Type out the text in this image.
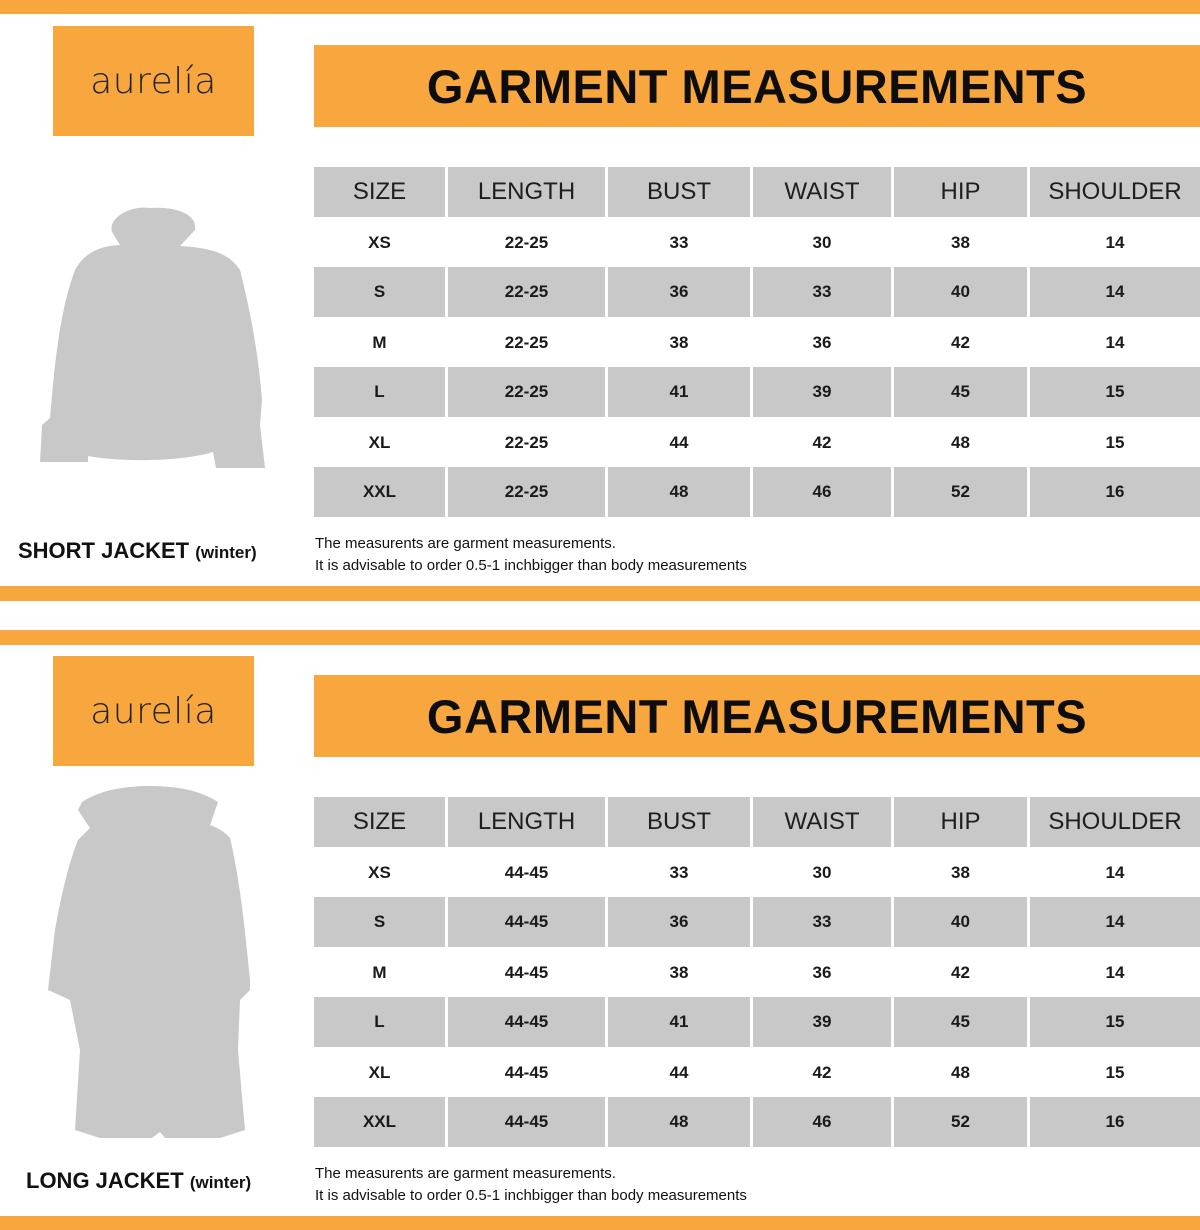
aurelía	GARMENT MEASUREMENTS
SHORT JACKET (winter)	The measurents are garment measurements.
It is advisable to order 0.5-1 inchbigger than body measurements
SIZE	LENGTH	BUST	WAIST	HIP	SHOULDER
XS	22-25	33	30	38	14
S	22-25	36	33	40	14
M	22-25	38	36	42	14
L	22-25	41	39	45	15
XL	22-25	44	42	48	15
XXL	22-25	48	46	52	16
aurelía	GARMENT MEASUREMENTS
LONG JACKET (winter)	The measurents are garment measurements.
It is advisable to order 0.5-1 inchbigger than body measurements
SIZE	LENGTH	BUST	WAIST	HIP	SHOULDER
XS	44-45	33	30	38	14
S	44-45	36	33	40	14
M	44-45	38	36	42	14
L	44-45	41	39	45	15
XL	44-45	44	42	48	15
XXL	44-45	48	46	52	16
